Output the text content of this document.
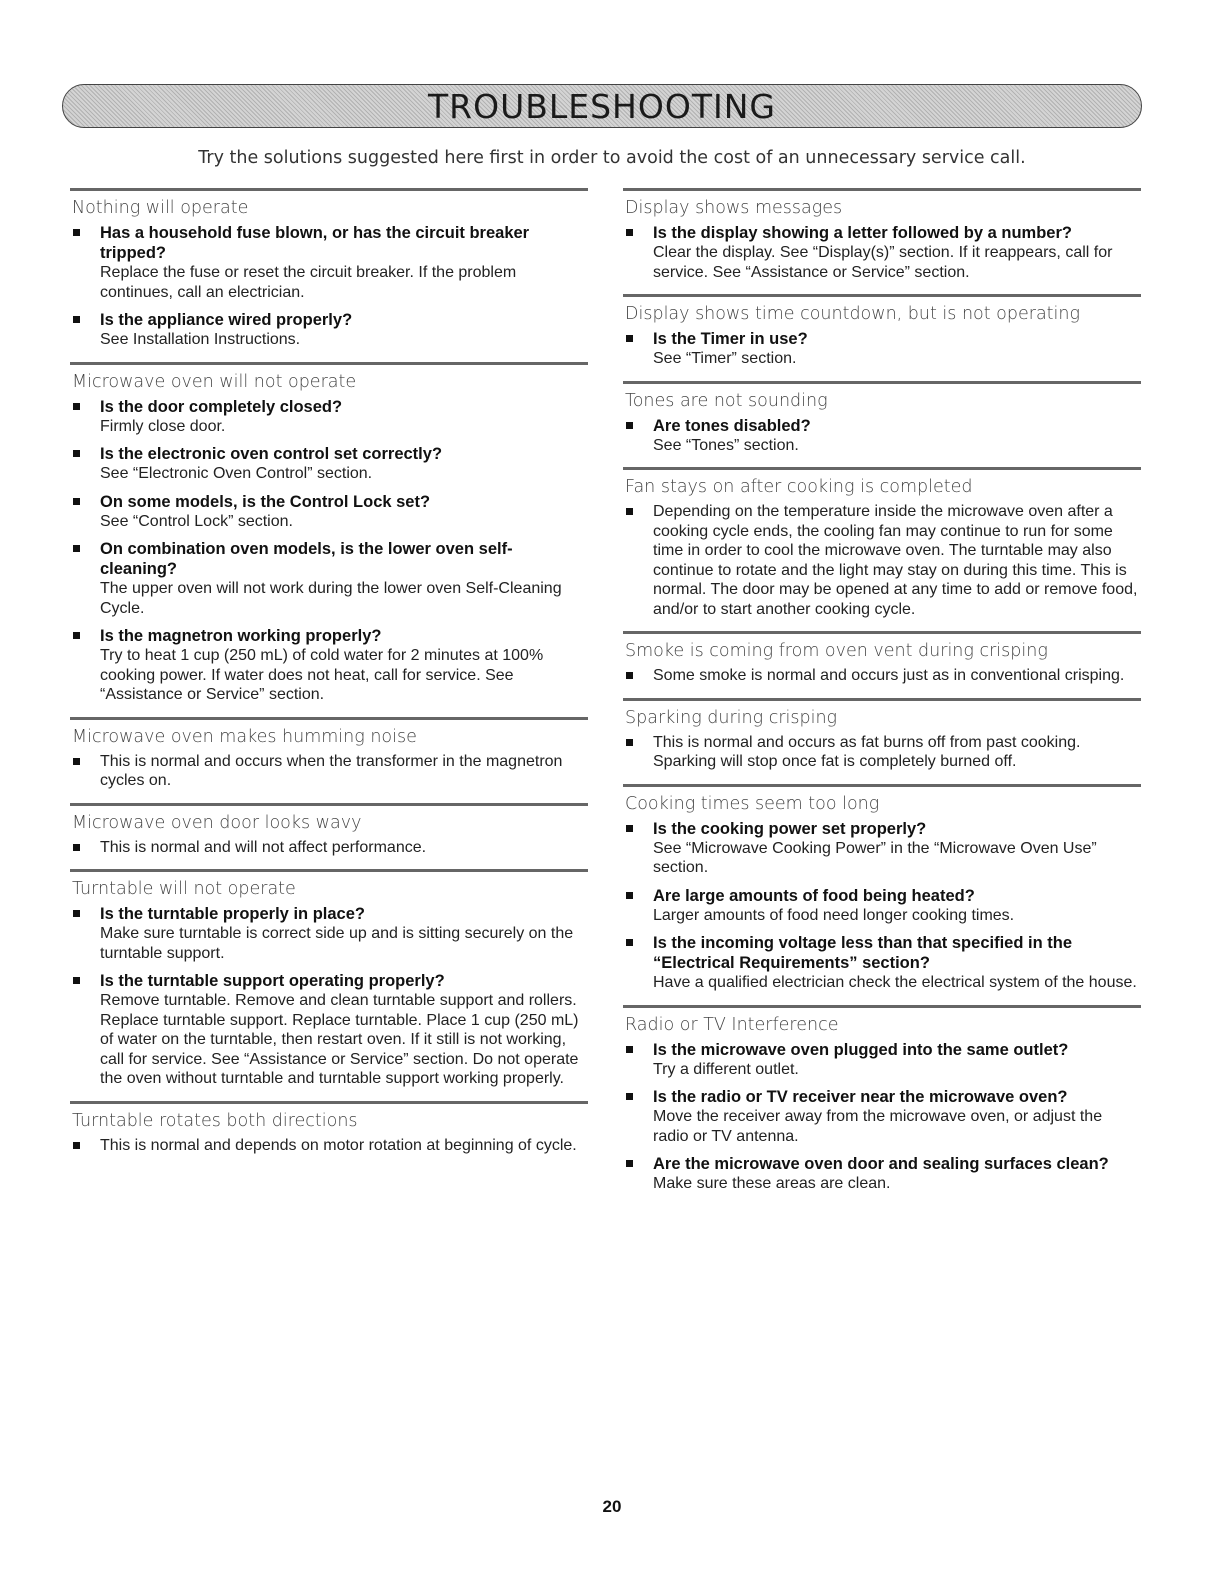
TROUBLESHOOTING

Try the solutions suggested here first in order to avoid the cost of an unnecessary service call.

Nothing will operate

Has a household fuse blown, or has the circuit breaker tripped?

Replace the fuse or reset the circuit breaker. If the problem continues, call an electrician.

Is the appliance wired properly?

See Installation Instructions.

Microwave oven will not operate

Is the door completely closed?

Firmly close door.

Is the electronic oven control set correctly?

See “Electronic Oven Control” section.

On some models, is the Control Lock set?

See “Control Lock” section.

On combination oven models, is the lower oven self-cleaning?

The upper oven will not work during the lower oven Self-Cleaning Cycle.

Is the magnetron working properly?

Try to heat 1 cup (250 mL) of cold water for 2 minutes at 100% cooking power. If water does not heat, call for service. See “Assistance or Service” section.

Microwave oven makes humming noise

This is normal and occurs when the transformer in the magnetron cycles on.

Microwave oven door looks wavy

This is normal and will not affect performance.

Turntable will not operate

Is the turntable properly in place?

Make sure turntable is correct side up and is sitting securely on the turntable support.

Is the turntable support operating properly?

Remove turntable. Remove and clean turntable support and rollers. Replace turntable support. Replace turntable. Place 1 cup (250 mL) of water on the turntable, then restart oven. If it still is not working, call for service. See “Assistance or Service” section. Do not operate the oven without turntable and turntable support working properly.

Turntable rotates both directions

This is normal and depends on motor rotation at beginning of cycle.

Display shows messages

Is the display showing a letter followed by a number?

Clear the display. See “Display(s)” section. If it reappears, call for service. See “Assistance or Service” section.

Display shows time countdown, but is not operating

Is the Timer in use?

See “Timer” section.

Tones are not sounding

Are tones disabled?

See “Tones” section.

Fan stays on after cooking is completed

Depending on the temperature inside the microwave oven after a cooking cycle ends, the cooling fan may continue to run for some time in order to cool the microwave oven. The turntable may also continue to rotate and the light may stay on during this time. This is normal. The door may be opened at any time to add or remove food, and/or to start another cooking cycle.

Smoke is coming from oven vent during crisping

Some smoke is normal and occurs just as in conventional crisping.

Sparking during crisping

This is normal and occurs as fat burns off from past cooking. Sparking will stop once fat is completely burned off.

Cooking times seem too long

Is the cooking power set properly?

See “Microwave Cooking Power” in the “Microwave Oven Use” section.

Are large amounts of food being heated?

Larger amounts of food need longer cooking times.

Is the incoming voltage less than that specified in the “Electrical Requirements” section?

Have a qualified electrician check the electrical system of the house.

Radio or TV Interference

Is the microwave oven plugged into the same outlet?

Try a different outlet.

Is the radio or TV receiver near the microwave oven?

Move the receiver away from the microwave oven, or adjust the radio or TV antenna.

Are the microwave oven door and sealing surfaces clean?

Make sure these areas are clean.

20
